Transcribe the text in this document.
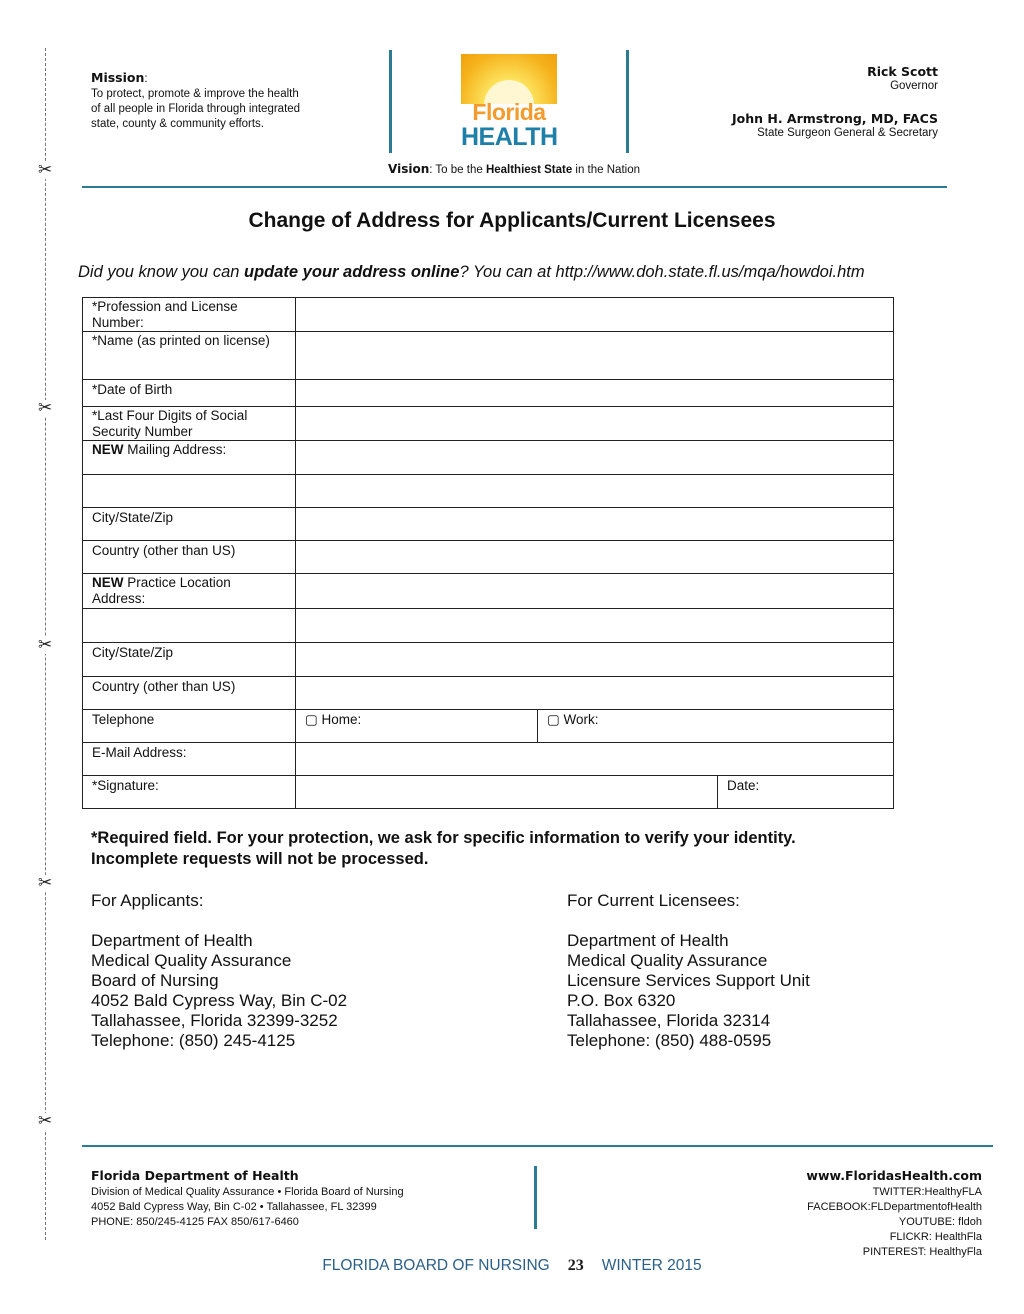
✂
✂
✂
✂
✂
Mission:
To protect, promote & improve the health
of all people in Florida through integrated
state, county & community efforts.	Florida
HEALTH
Vision: To be the Healthiest State in the Nation
Rick Scott
Governor
John H. Armstrong, MD, FACS
State Surgeon General & Secretary
Change of Address for Applicants/Current Licensees
Did you know you can update your address online? You can at http://www.doh.state.fl.us/mqa/howdoi.htm
*Profession and License Number:			
*Name (as printed on license)			
*Date of Birth			
*Last Four Digits of Social Security Number			
NEW Mailing Address:			

City/State/Zip			
Country (other than US)			
NEW Practice Location Address:			

City/State/Zip			
Country (other than US)			
Telephone	▢ Home:	▢ Work:	
E-Mail Address:			
*Signature:			Date:
*Required field. For your protection, we ask for specific information to verify your identity.
Incomplete requests will not be processed.
For Applicants:
Department of Health
Medical Quality Assurance
Board of Nursing
4052 Bald Cypress Way, Bin C-02
Tallahassee, Florida 32399-3252
Telephone: (850) 245-4125
For Current Licensees:
Department of Health
Medical Quality Assurance
Licensure Services Support Unit
P.O. Box 6320
Tallahassee, Florida 32314
Telephone: (850) 488-0595
Florida Department of Health
Division of Medical Quality Assurance • Florida Board of Nursing
4052 Bald Cypress Way, Bin C-02 • Tallahassee, FL 32399
PHONE: 850/245-4125 FAX 850/617-6460
www.FloridasHealth.com
TWITTER:HealthyFLA
FACEBOOK:FLDepartmentofHealth
YOUTUBE: fldoh
FLICKR: HealthFla
PINTEREST: HealthyFla
FLORIDA BOARD OF NURSING 23 WINTER 2015
